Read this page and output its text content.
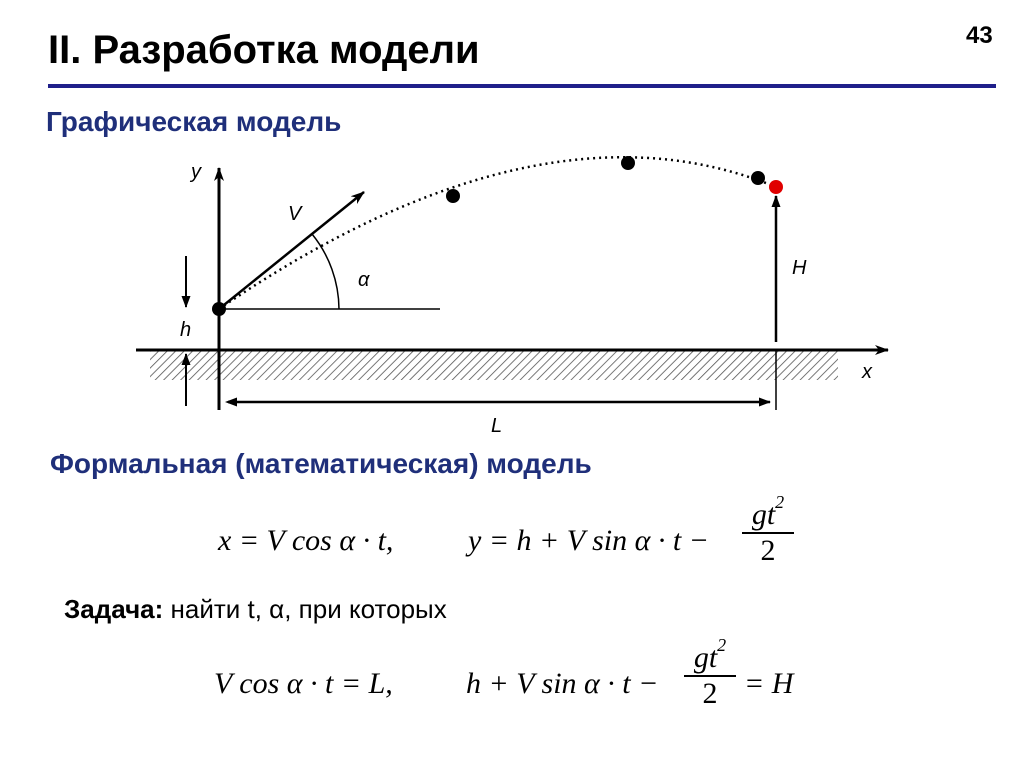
II. Разработка модели	43
Графическая модель
y
x
V
α
h
H
L
Формальная (математическая) модель
x = V cos α · t, y = h + V sin α · t −
$gt^2$
2
Задача: найти t, α, при которых
V cos α · t = L, h + V sin α · t −
$gt^2$
2 = H
